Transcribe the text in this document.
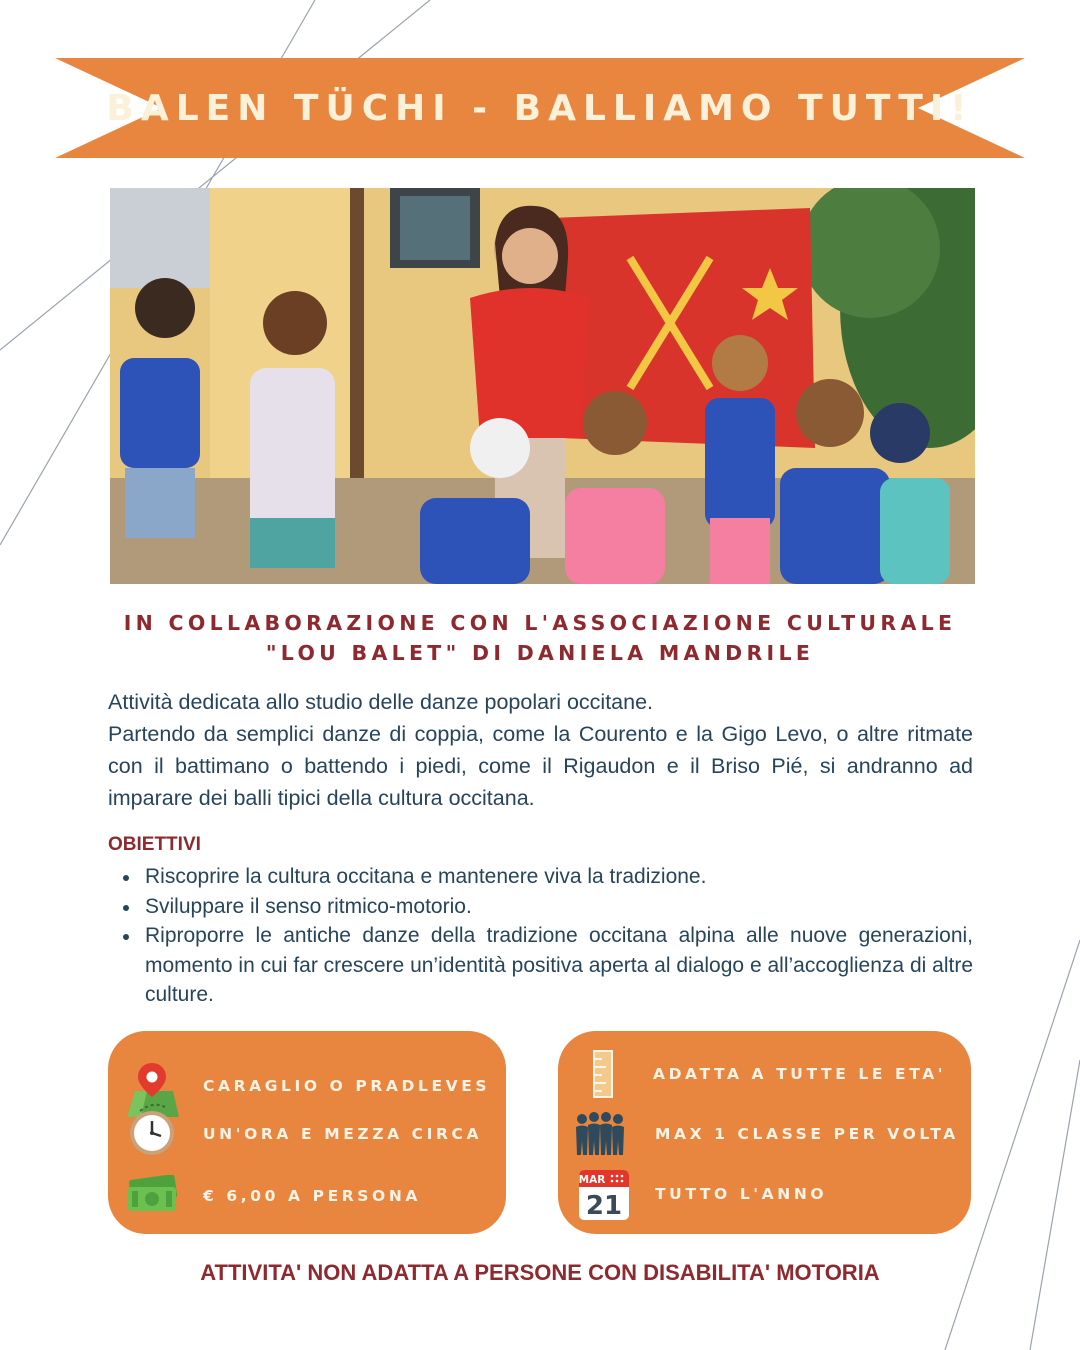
BALEN TÜCHI - BALLIAMO TUTTI!
IN COLLABORAZIONE CON L'ASSOCIAZIONE CULTURALE
"LOU BALET" DI DANIELA MANDRILE

Attività dedicata allo studio delle danze popolari occitane.

Partendo da semplici danze di coppia, come la Courento e la Gigo Levo, o altre ritmate con il battimano o battendo i piedi, come il Rigaudon e il Briso Pié, si andranno ad imparare dei balli tipici della cultura occitana.

OBIETTIVI
Riscoprire la cultura occitana e mantenere viva la tradizione.
Sviluppare il senso ritmico-motorio.
Riproporre le antiche danze della tradizione occitana alpina alle nuove generazioni, momento in cui far crescere un’identità positiva aperta al dialogo e all’accoglienza di altre culture.
CARAGLIO O PRADLEVES
UN'ORA E MEZZA CIRCA
€ 6,00 A PERSONA
ADATTA A TUTTE LE ETA'
MAX 1 CLASSE PER VOLTA
MAR
21 TUTTO L'ANNO
ATTIVITA' NON ADATTA A PERSONE CON DISABILITA' MOTORIA
